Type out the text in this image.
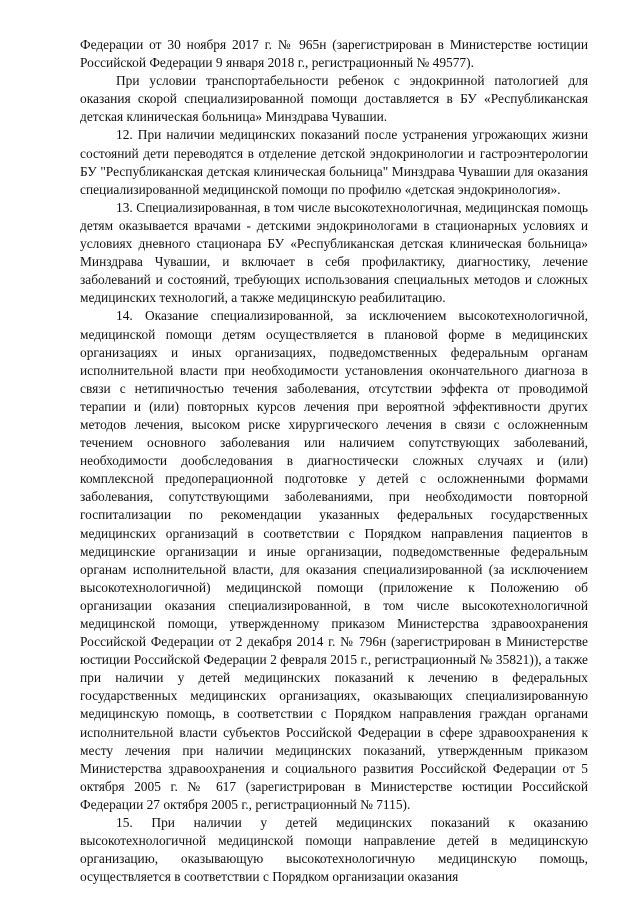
Федерации от 30 ноября 2017 г. № 965н (зарегистрирован в Министерстве юстиции Российской Федерации 9 января 2018 г., регистрационный № 49577).

При условии транспортабельности ребенок с эндокринной патологией для оказания скорой специализированной помощи доставляется в БУ «Республиканская детская клиническая больница» Минздрава Чувашии.

12. При наличии медицинских показаний после устранения угрожающих жизни состояний дети переводятся в отделение детской эндокринологии и гастроэнтерологии БУ "Республиканская детская клиническая больница" Минздрава Чувашии для оказания специализированной медицинской помощи по профилю «детская эндокринология».

13. Специализированная, в том числе высокотехнологичная, медицинская помощь детям оказывается врачами - детскими эндокринологами в стационарных условиях и условиях дневного стационара БУ «Республиканская детская клиническая больница» Минздрава Чувашии, и включает в себя профилактику, диагностику, лечение заболеваний и состояний, требующих использования специальных методов и сложных медицинских технологий, а также медицинскую реабилитацию.

14. Оказание специализированной, за исключением высокотехнологичной, медицинской помощи детям осуществляется в плановой форме в медицинских организациях и иных организациях, подведомственных федеральным органам исполнительной власти при необходимости установления окончательного диагноза в связи с нетипичностью течения заболевания, отсутствии эффекта от проводимой терапии и (или) повторных курсов лечения при вероятной эффективности других методов лечения, высоком риске хирургического лечения в связи с осложненным течением основного заболевания или наличием сопутствующих заболеваний, необходимости дообследования в диагностически сложных случаях и (или) комплексной предоперационной подготовке у детей с осложненными формами заболевания, сопутствующими заболеваниями, при необходимости повторной госпитализации по рекомендации указанных федеральных государственных медицинских организаций в соответствии с Порядком направления пациентов в медицинские организации и иные организации, подведомственные федеральным органам исполнительной власти, для оказания специализированной (за исключением высокотехнологичной) медицинской помощи (приложение к Положению об организации оказания специализированной, в том числе высокотехнологичной медицинской помощи, утвержденному приказом Министерства здравоохранения Российской Федерации от 2 декабря 2014 г. № 796н (зарегистрирован в Министерстве юстиции Российской Федерации 2 февраля 2015 г., регистрационный № 35821)), а также при наличии у детей медицинских показаний к лечению в федеральных государственных медицинских организациях, оказывающих специализированную медицинскую помощь, в соответствии с Порядком направления граждан органами исполнительной власти субъектов Российской Федерации в сфере здравоохранения к месту лечения при наличии медицинских показаний, утвержденным приказом Министерства здравоохранения и социального развития Российской Федерации от 5 октября 2005 г. № 617 (зарегистрирован в Министерстве юстиции Российской Федерации 27 октября 2005 г., регистрационный № 7115).

15. При наличии у детей медицинских показаний к оказанию высокотехнологичной медицинской помощи направление детей в медицинскую организацию, оказывающую высокотехнологичную медицинскую помощь, осуществляется в соответствии с Порядком организации оказания
